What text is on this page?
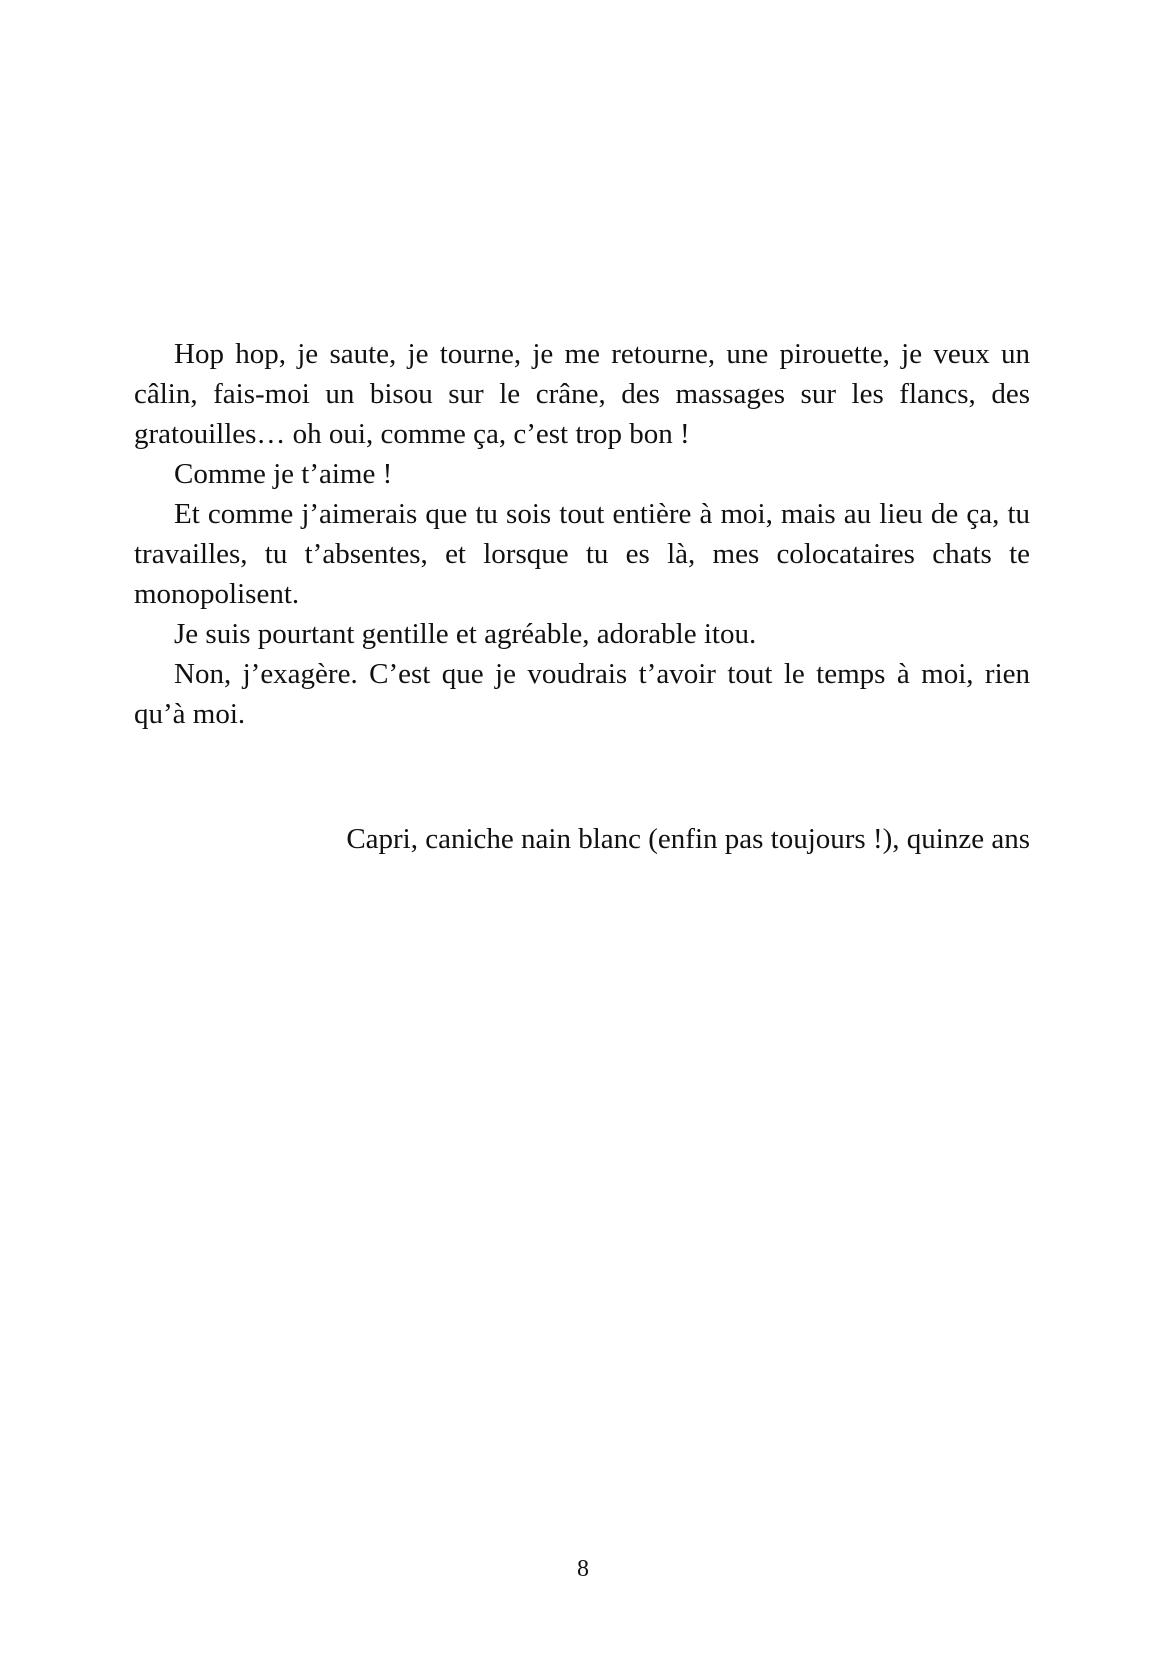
Hop hop, je saute, je tourne, je me retourne, une pirouette, je veux un câlin, fais-moi un bisou sur le crâne, des massages sur les flancs, des gratouilles… oh oui, comme ça, c’est trop bon !

Comme je t’aime !

Et comme j’aimerais que tu sois tout entière à moi, mais au lieu de ça, tu travailles, tu t’absentes, et lorsque tu es là, mes colocataires chats te monopolisent.

Je suis pourtant gentille et agréable, adorable itou.

Non, j’exagère. C’est que je voudrais t’avoir tout le temps à moi, rien qu’à moi.

Capri, caniche nain blanc (enfin pas toujours !), quinze ans
8
